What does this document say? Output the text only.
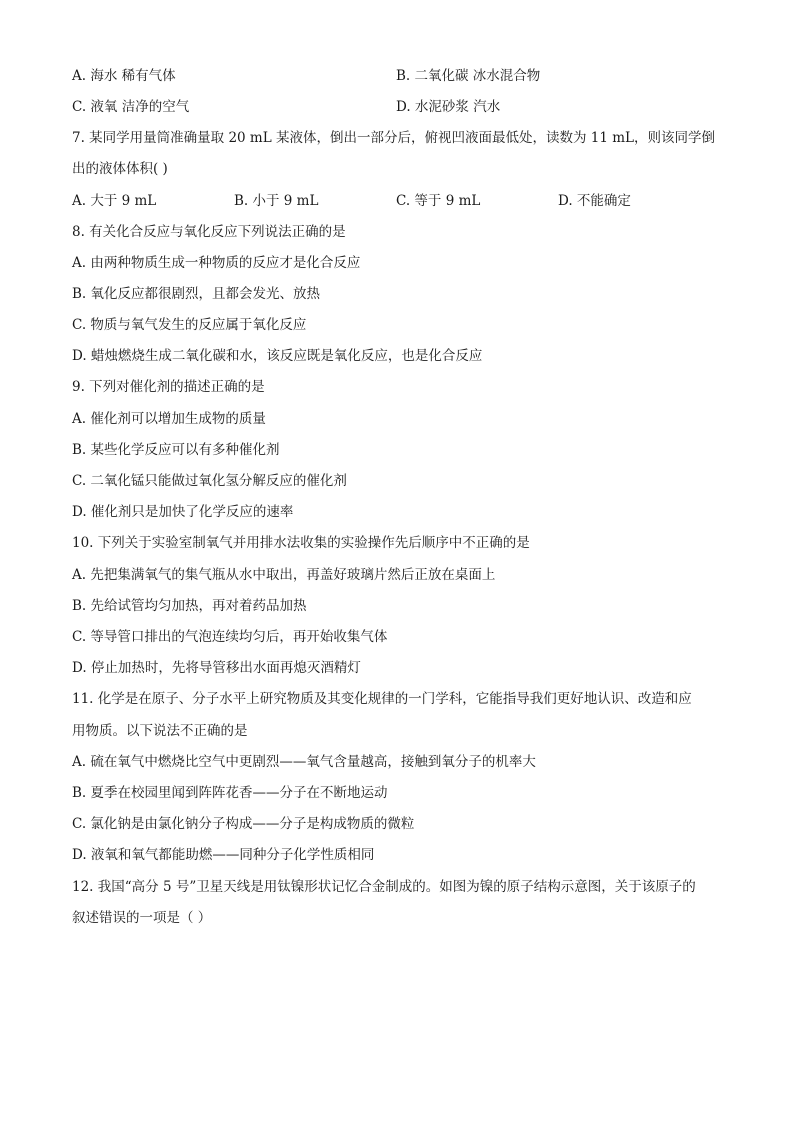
A. 海水 稀有气体	B. 二氧化碳 冰水混合物
C. 液氧 洁净的空气	D. 水泥砂浆 汽水
7. 某同学用量筒准确量取 20 mL 某液体，倒出一部分后，俯视凹液面最低处，读数为 11 mL，则该同学倒
出的液体体积( )
A. 大于 9 mL	B. 小于 9 mL	C. 等于 9 mL	D. 不能确定
8. 有关化合反应与氧化反应下列说法正确的是
A. 由两种物质生成一种物质的反应才是化合反应
B. 氧化反应都很剧烈，且都会发光、放热
C. 物质与氧气发生的反应属于氧化反应
D. 蜡烛燃烧生成二氧化碳和水，该反应既是氧化反应，也是化合反应
9. 下列对催化剂的描述正确的是
A. 催化剂可以增加生成物的质量
B. 某些化学反应可以有多种催化剂
C. 二氧化锰只能做过氧化氢分解反应的催化剂
D. 催化剂只是加快了化学反应的速率
10. 下列关于实验室制氧气并用排水法收集的实验操作先后顺序中不正确的是
A. 先把集满氧气的集气瓶从水中取出，再盖好玻璃片然后正放在桌面上
B. 先给试管均匀加热，再对着药品加热
C. 等导管口排出的气泡连续均匀后，再开始收集气体
D. 停止加热时，先将导管移出水面再熄灭酒精灯
11. 化学是在原子、分子水平上研究物质及其变化规律的一门学科，它能指导我们更好地认识、改造和应
用物质。以下说法不正确的是
A. 硫在氧气中燃烧比空气中更剧烈——氧气含量越高，接触到氧分子的机率大
B. 夏季在校园里闻到阵阵花香——分子在不断地运动
C. 氯化钠是由氯化钠分子构成——分子是构成物质的微粒
D. 液氧和氧气都能助燃——同种分子化学性质相同
12. 我国“高分 5 号”卫星天线是用钛镍形状记忆合金制成的。如图为镍的原子结构示意图，关于该原子的
叙述错误的一项是（ ）
